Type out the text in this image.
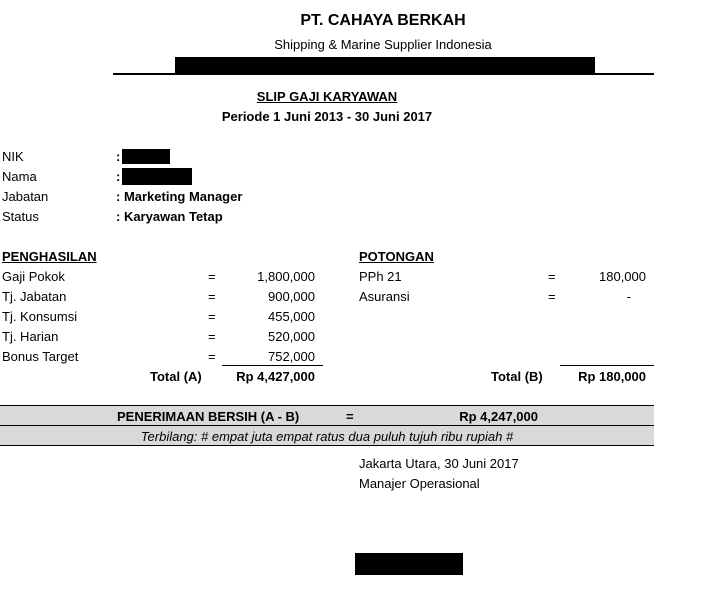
PT. CAHAYA BERKAH
Shipping & Marine Supplier Indonesia
SLIP GAJI KARYAWAN
Periode 1 Juni 2013 - 30 Juni 2017
NIK	:
Nama	:
Jabatan	: Marketing Manager
Status	: Karyawan Tetap
PENGHASILAN
Gaji Pokok	=	1,800,000
Tj. Jabatan	=	900,000
Tj. Konsumsi	=	455,000
Tj. Harian	=	520,000
Bonus Target	=	752,000
Total (A)	Rp 4,427,000
POTONGAN
PPh 21	=	180,000
Asuransi	=	-
Total (B)	Rp 180,000
PENERIMAAN BERSIH (A - B)	=	Rp 4,247,000
Terbilang: # empat juta empat ratus dua puluh tujuh ribu rupiah #
Jakarta Utara, 30 Juni 2017
Manajer Operasional
